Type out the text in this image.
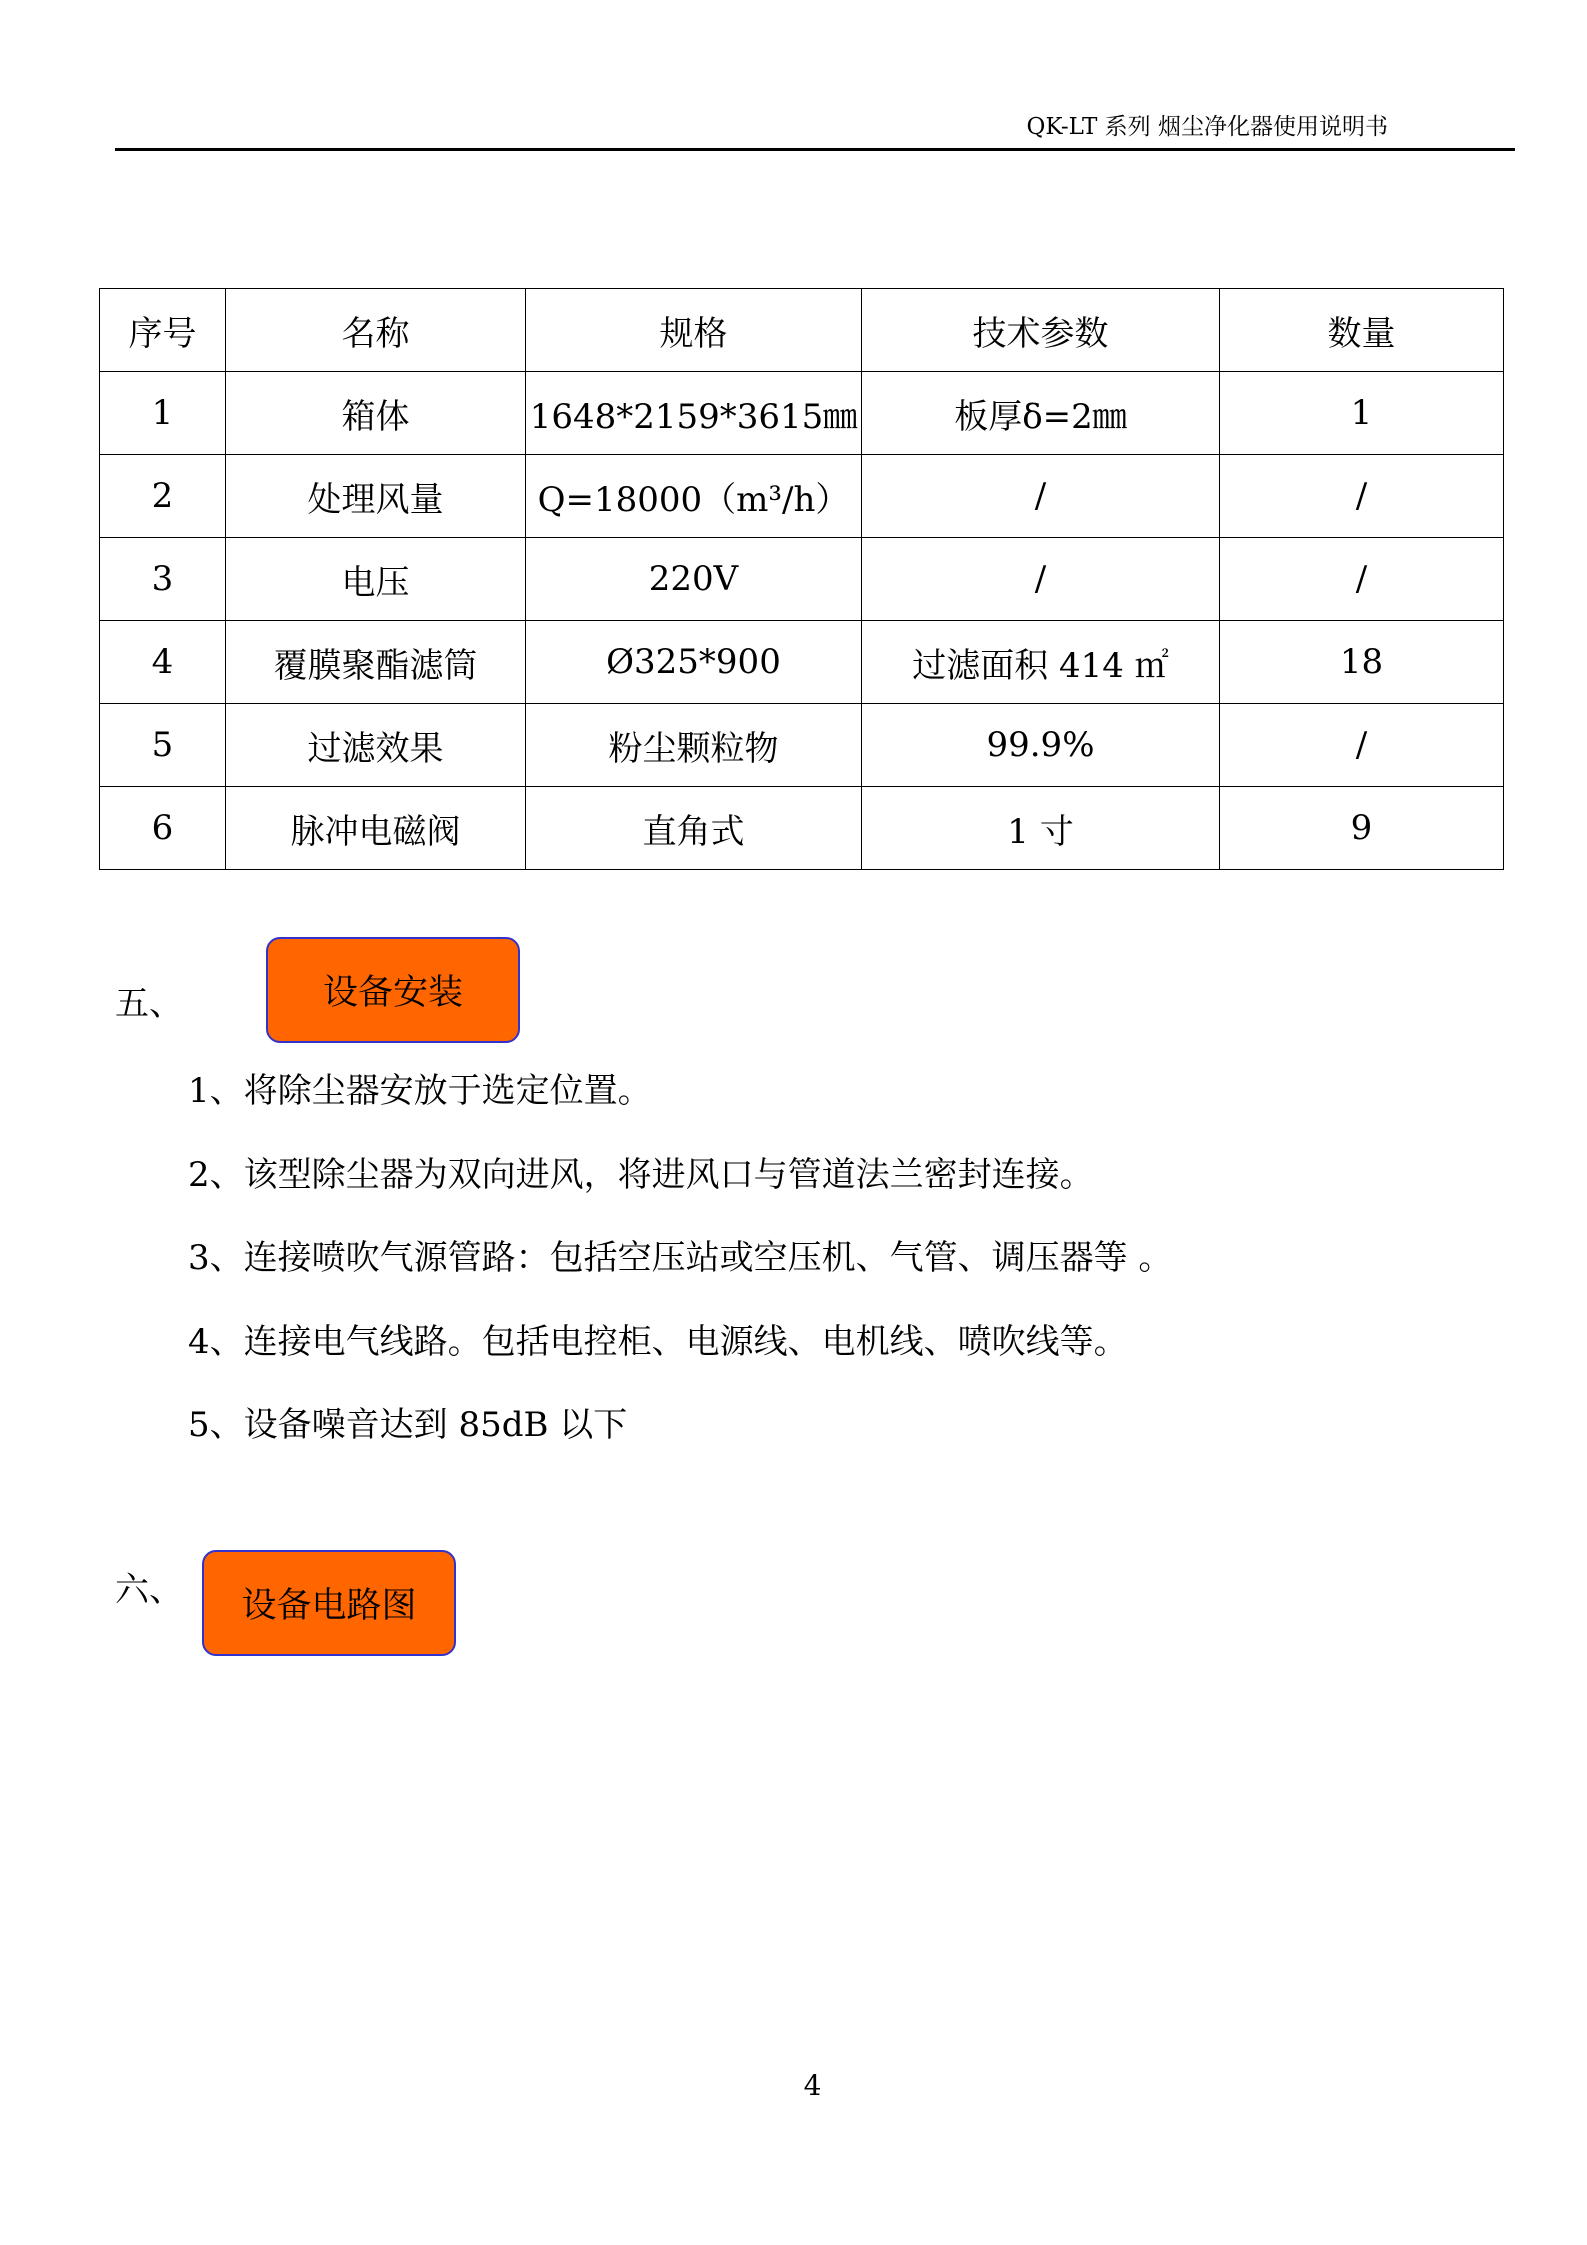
QK-LT 系列 烟尘净化器使用说明书
序号	名称	规格	技术参数	数量
1	箱体	1648*2159*3615㎜	板厚δ=2㎜	1
2	处理风量	Q=18000（m³/h）	/	/
3	电压	220V	/	/
4	覆膜聚酯滤筒	Ø325*900	过滤面积 414 ㎡	18
5	过滤效果	粉尘颗粒物	99.9%	/
6	脉冲电磁阀	直角式	1 寸	9
五、	设备安装
1、将除尘器安放于选定位置。
2、该型除尘器为双向进风，将进风口与管道法兰密封连接。
3、连接喷吹气源管路：包括空压站或空压机、气管、调压器等 。
4、连接电气线路。包括电控柜、电源线、电机线、喷吹线等。
5、设备噪音达到 85dB 以下
六、 设备电路图
4
